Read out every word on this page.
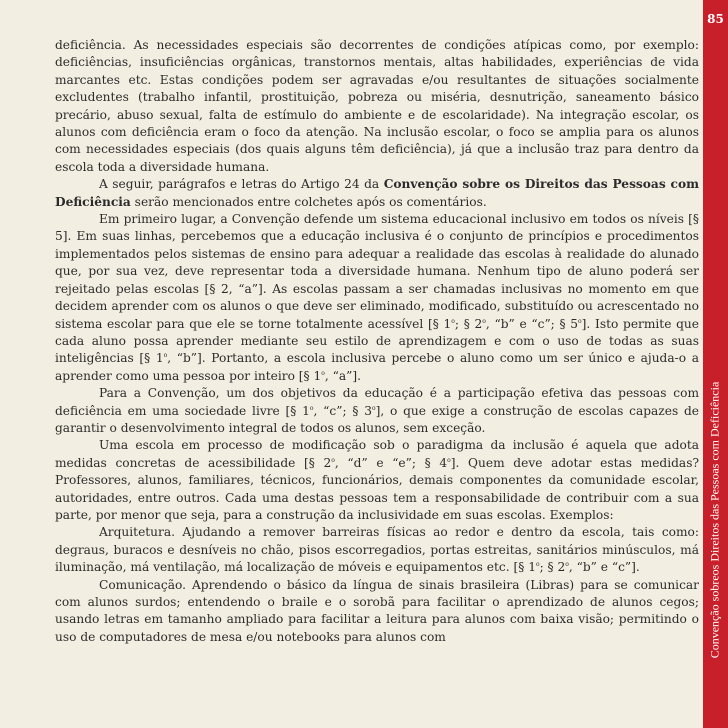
85
Convenção sobreos Direitos das Pessoas com Deficiência

deficiência. As necessidades especiais são decorrentes de condições atípicas como, por exemplo: deficiências, insuficiências orgânicas, transtornos mentais, altas habilidades, experiências de vida marcantes etc. Estas condições podem ser agravadas e/ou resultantes de situações socialmente excludentes (trabalho infantil, prostituição, pobreza ou miséria, desnutrição, saneamento básico precário, abuso sexual, falta de estímulo do ambiente e de escolaridade). Na integração escolar, os alunos com deficiência eram o foco da atenção. Na inclusão escolar, o foco se amplia para os alunos com necessidades especiais (dos quais alguns têm deficiência), já que a inclusão traz para dentro da escola toda a diversidade humana.

A seguir, parágrafos e letras do Artigo 24 da Convenção sobre os Direitos das Pessoas com Deficiência serão mencionados entre colchetes após os comentários.

Em primeiro lugar, a Convenção defende um sistema educacional inclusivo em todos os níveis [§ 5]. Em suas linhas, percebemos que a educação inclusiva é o conjunto de princípios e procedimentos implementados pelos sistemas de ensino para adequar a realidade das escolas à realidade do alunado que, por sua vez, deve representar toda a diversidade humana. Nenhum tipo de aluno poderá ser rejeitado pelas escolas [§ 2, “a”]. As escolas passam a ser chamadas inclusivas no momento em que decidem aprender com os alunos o que deve ser eliminado, modificado, substituído ou acrescentado no sistema escolar para que ele se torne totalmente acessível [§ 1$^o$; § 2$^o$, “b” e “c”; § 5$^o$]. Isto permite que cada aluno possa aprender mediante seu estilo de aprendizagem e com o uso de todas as suas inteligências [§ 1$^o$, “b”]. Portanto, a escola inclusiva percebe o aluno como um ser único e ajuda-o a aprender como uma pessoa por inteiro [§ 1$^o$, “a”].

Para a Convenção, um dos objetivos da educação é a participação efetiva das pessoas com deficiência em uma sociedade livre [§ 1$^o$, “c”; § 3$^o$], o que exige a construção de escolas capazes de garantir o desenvolvimento integral de todos os alunos, sem exceção.

Uma escola em processo de modificação sob o paradigma da inclusão é aquela que adota medidas concretas de acessibilidade [§ 2$^o$, “d” e “e”; § 4$^o$]. Quem deve adotar estas medidas? Professores, alunos, familiares, técnicos, funcionários, demais componentes da comunidade escolar, autoridades, entre outros. Cada uma destas pessoas tem a responsabilidade de contribuir com a sua parte, por menor que seja, para a construção da inclusividade em suas escolas. Exemplos:

Arquitetura. Ajudando a remover barreiras físicas ao redor e dentro da escola, tais como: degraus, buracos e desníveis no chão, pisos escorregadios, portas estreitas, sanitários minúsculos, má iluminação, má ventilação, má localização de móveis e equipamentos etc. [§ 1$^o$; § 2$^o$, “b” e “c”].

Comunicação. Aprendendo o básico da língua de sinais brasileira (Libras) para se comunicar com alunos surdos; entendendo o braile e o sorobã para facilitar o aprendizado de alunos cegos; usando letras em tamanho ampliado para facilitar a leitura para alunos com baixa visão; permitindo o uso de computadores de mesa e/ou notebooks para alunos com
